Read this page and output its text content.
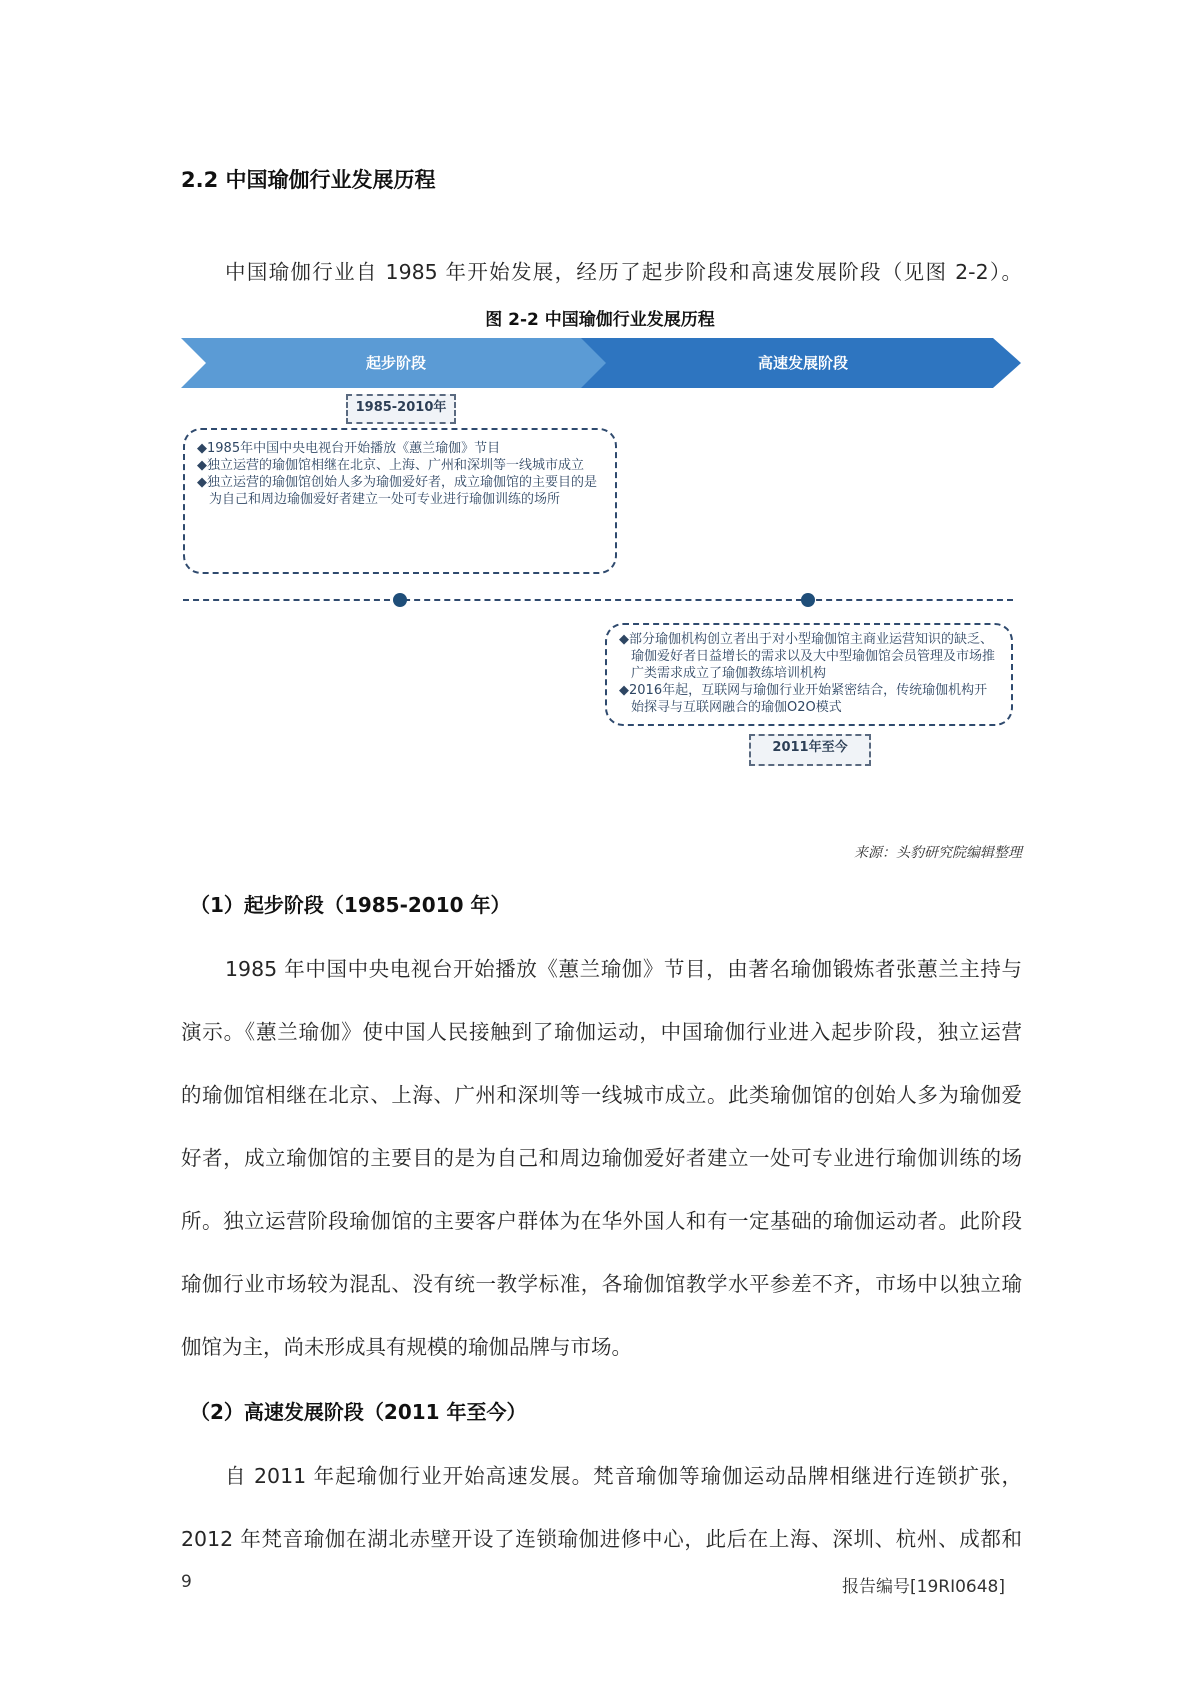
2.2 中国瑜伽行业发展历程
中国瑜伽行业自 1985 年开始发展，经历了起步阶段和高速发展阶段（见图 2-2）。
图 2-2 中国瑜伽行业发展历程
起步阶段	高速发展阶段
1985-2010年
◆1985年中国中央电视台开始播放《蕙兰瑜伽》节目
◆独立运营的瑜伽馆相继在北京、上海、广州和深圳等一线城市成立
◆独立运营的瑜伽馆创始人多为瑜伽爱好者，成立瑜伽馆的主要目的是为自己和周边瑜伽爱好者建立一处可专业进行瑜伽训练的场所
◆部分瑜伽机构创立者出于对小型瑜伽馆主商业运营知识的缺乏、瑜伽爱好者日益增长的需求以及大中型瑜伽馆会员管理及市场推广类需求成立了瑜伽教练培训机构
◆2016年起，互联网与瑜伽行业开始紧密结合，传统瑜伽机构开始探寻与互联网融合的瑜伽O2O模式
2011年至今
来源：头豹研究院编辑整理
（1）起步阶段（1985-2010 年）
1985 年中国中央电视台开始播放《蕙兰瑜伽》节目，由著名瑜伽锻炼者张蕙兰主持与
演示。《蕙兰瑜伽》使中国人民接触到了瑜伽运动，中国瑜伽行业进入起步阶段，独立运营
的瑜伽馆相继在北京、上海、广州和深圳等一线城市成立。此类瑜伽馆的创始人多为瑜伽爱
好者，成立瑜伽馆的主要目的是为自己和周边瑜伽爱好者建立一处可专业进行瑜伽训练的场
所。独立运营阶段瑜伽馆的主要客户群体为在华外国人和有一定基础的瑜伽运动者。此阶段
瑜伽行业市场较为混乱、没有统一教学标准，各瑜伽馆教学水平参差不齐，市场中以独立瑜
伽馆为主，尚未形成具有规模的瑜伽品牌与市场。
（2）高速发展阶段（2011 年至今）
自 2011 年起瑜伽行业开始高速发展。梵音瑜伽等瑜伽运动品牌相继进行连锁扩张，
2012 年梵音瑜伽在湖北赤壁开设了连锁瑜伽进修中心，此后在上海、深圳、杭州、成都和
9	报告编号[19RI0648]
